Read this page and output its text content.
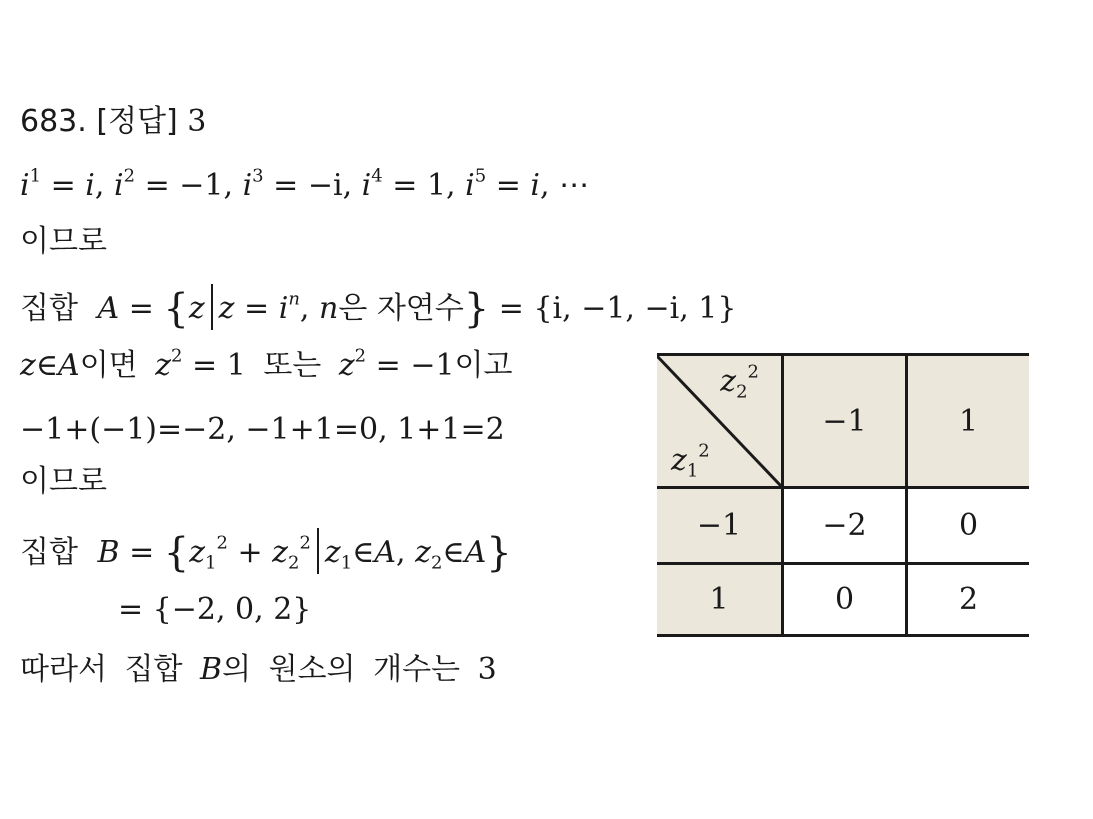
683. [정답] 3
$i^1 = i$, $i^2 = -1$, $i^3 = -i$, $i^4 = 1$, $i^5 = i$, ⋯
이므로
집합 A = {z $z = i^n$, n은 자연수} = {i, −1, −i, 1}
z∈A이면 $z^2 = 1$ 또는 $z^2 = -1$이고
−1+(−1)=−2, −1+1=0, 1+1=2
이므로
집합 $B = \{z_1^2 + z_2^2$ $z_1\in A$, $z_2\in A$}
= {−2, 0, 2}
따라서 집합 B의 원소의 개수는 3
$z_2^2$
$z_1^2$	−1	1
−1	−2	0
1	0	2
